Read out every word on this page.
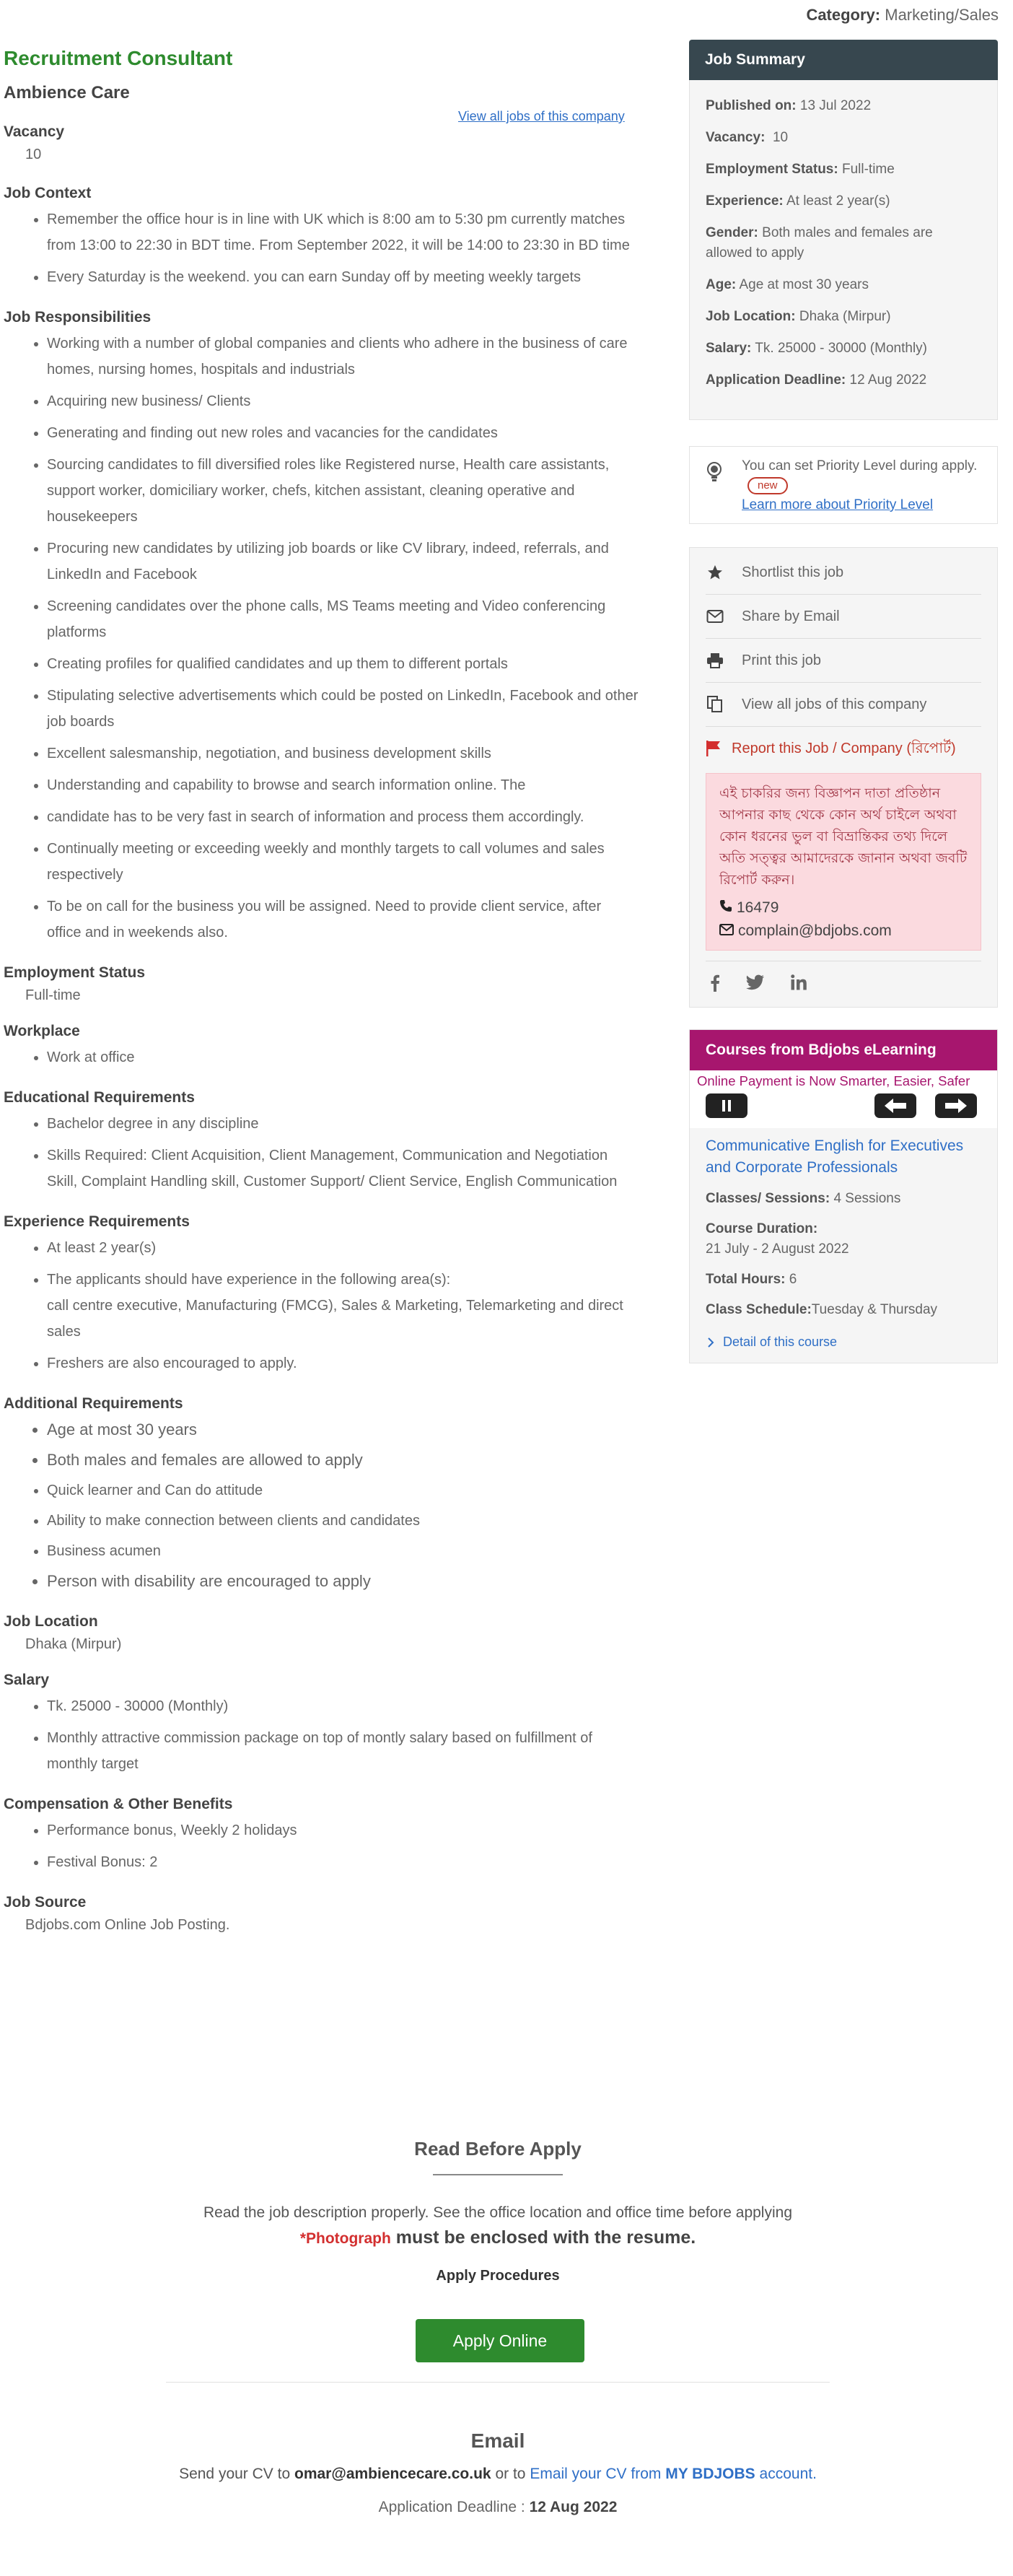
Category: Marketing/Sales
Recruitment Consultant
Ambience Care
View all jobs of this company
Vacancy
10
Job Context
• Remember the office hour is in line with UK which is 8:00 am to 5:30 pm currently matches from 13:00 to 22:30 in BDT time. From September 2022, it will be 14:00 to 23:30 in BD time
• Every Saturday is the weekend. you can earn Sunday off by meeting weekly targets
Job Responsibilities
• Working with a number of global companies and clients who adhere in the business of care homes, nursing homes, hospitals and industrials
• Acquiring new business/ Clients
• Generating and finding out new roles and vacancies for the candidates
• Sourcing candidates to fill diversified roles like Registered nurse, Health care assistants, support worker, domiciliary worker, chefs, kitchen assistant, cleaning operative and housekeepers
• Procuring new candidates by utilizing job boards or like CV library, indeed, referrals, and LinkedIn and Facebook
• Screening candidates over the phone calls, MS Teams meeting and Video conferencing platforms
• Creating profiles for qualified candidates and up them to different portals
• Stipulating selective advertisements which could be posted on LinkedIn, Facebook and other job boards
• Excellent salesmanship, negotiation, and business development skills
• Understanding and capability to browse and search information online. The
• candidate has to be very fast in search of information and process them accordingly.
• Continually meeting or exceeding weekly and monthly targets to call volumes and sales respectively
• To be on call for the business you will be assigned. Need to provide client service, after office and in weekends also.
Employment Status
Full-time
Workplace
• Work at office
Educational Requirements
• Bachelor degree in any discipline
• Skills Required: Client Acquisition, Client Management, Communication and Negotiation Skill, Complaint Handling skill, Customer Support/ Client Service, English Communication
Experience Requirements
• At least 2 year(s)
• The applicants should have experience in the following area(s):
call centre executive, Manufacturing (FMCG), Sales & Marketing, Telemarketing and direct sales
• Freshers are also encouraged to apply.
Additional Requirements
• Age at most 30 years
• Both males and females are allowed to apply
• Quick learner and Can do attitude
• Ability to make connection between clients and candidates
• Business acumen
• Person with disability are encouraged to apply
Job Location
Dhaka (Mirpur)
Salary
• Tk. 25000 - 30000 (Monthly)
• Monthly attractive commission package on top of montly salary based on fulfillment of monthly target
Compensation & Other Benefits
• Performance bonus, Weekly 2 holidays
• Festival Bonus: 2
Job Source
Bdjobs.com Online Job Posting.
Job Summary
Published on: 13 Jul 2022
Vacancy: 10
Employment Status: Full-time
Experience: At least 2 year(s)
Gender: Both males and females are allowed to apply
Age: Age at most 30 years
Job Location: Dhaka (Mirpur)
Salary: Tk. 25000 - 30000 (Monthly)
Application Deadline: 12 Aug 2022
You can set Priority Level during apply.new
Learn more about Priority Level
Shortlist this job
Share by Email
Print this job
View all jobs of this company
Report this Job / Company (রিপোর্ট)
এই চাকরির জন্য বিজ্ঞাপন দাতা প্রতিষ্ঠান আপনার কাছ থেকে কোন অর্থ চাইলে অথবা কোন ধরনের ভুল বা বিভ্রান্তিকর তথ্য দিলে অতি সত্ত্বর আমাদেরকে জানান অথবা জবটি রিপোর্ট করুন।
16479
complain@bdjobs.com
Courses from Bdjobs eLearning
Online Payment is Now Smarter, Easier, Safer
Communicative English for Executives and Corporate Professionals
Classes/ Sessions: 4 Sessions
Course Duration:
21 July - 2 August 2022
Total Hours: 6
Class Schedule:Tuesday & Thursday
Detail of this course
Read Before Apply
Read the job description properly. See the office location and office time before applying
*Photograph must be enclosed with the resume.
Apply Procedures
Apply Online
Email
Send your CV to omar@ambiencecare.co.uk or to Email your CV from MY BDJOBS account.
Application Deadline : 12 Aug 2022
